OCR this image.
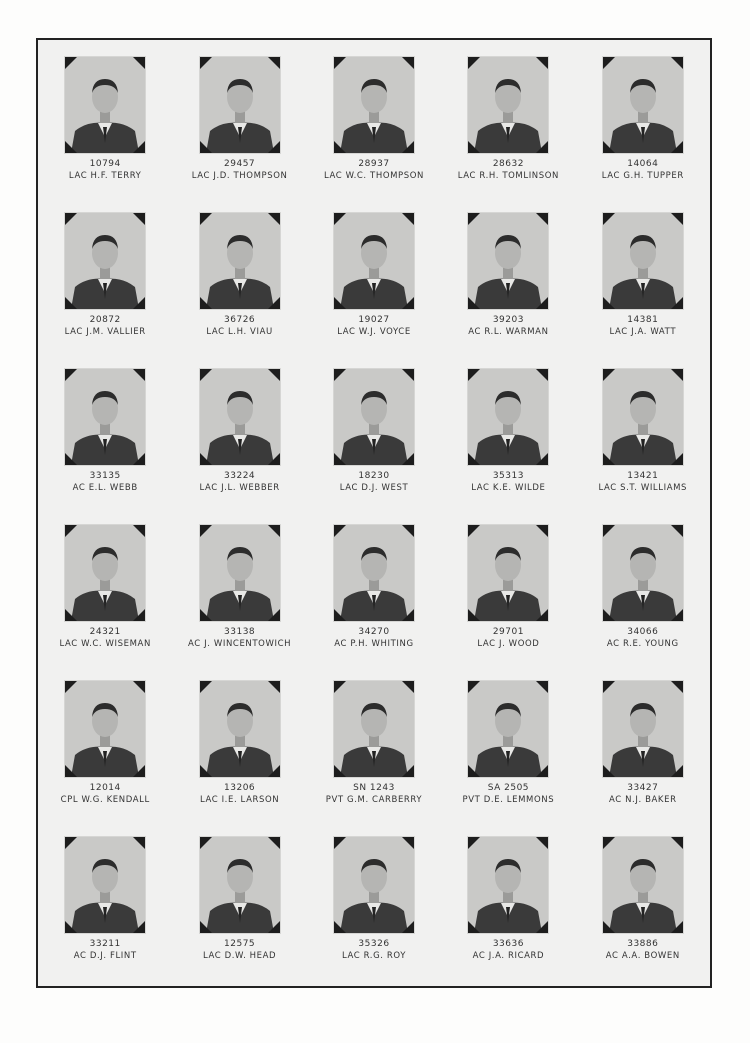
10794
LAC H.F. TERRY
29457
LAC J.D. THOMPSON
28937
LAC W.C. THOMPSON
28632
LAC R.H. TOMLINSON
14064
LAC G.H. TUPPER
20872
LAC J.M. VALLIER
36726
LAC L.H. VIAU
19027
LAC W.J. VOYCE
39203
AC R.L. WARMAN
14381
LAC J.A. WATT
33135
AC E.L. WEBB
33224
LAC J.L. WEBBER
18230
LAC D.J. WEST
35313
LAC K.E. WILDE
13421
LAC S.T. WILLIAMS
24321
LAC W.C. WISEMAN
33138
AC J. WINCENTOWICH
34270
AC P.H. WHITING
29701
LAC J. WOOD
34066
AC R.E. YOUNG
12014
CPL W.G. KENDALL
13206
LAC I.E. LARSON
SN 1243
PVT G.M. CARBERRY
SA 2505
PVT D.E. LEMMONS
33427
AC N.J. BAKER
33211
AC D.J. FLINT
12575
LAC D.W. HEAD
35326
LAC R.G. ROY
33636
AC J.A. RICARD
33886
AC A.A. BOWEN
